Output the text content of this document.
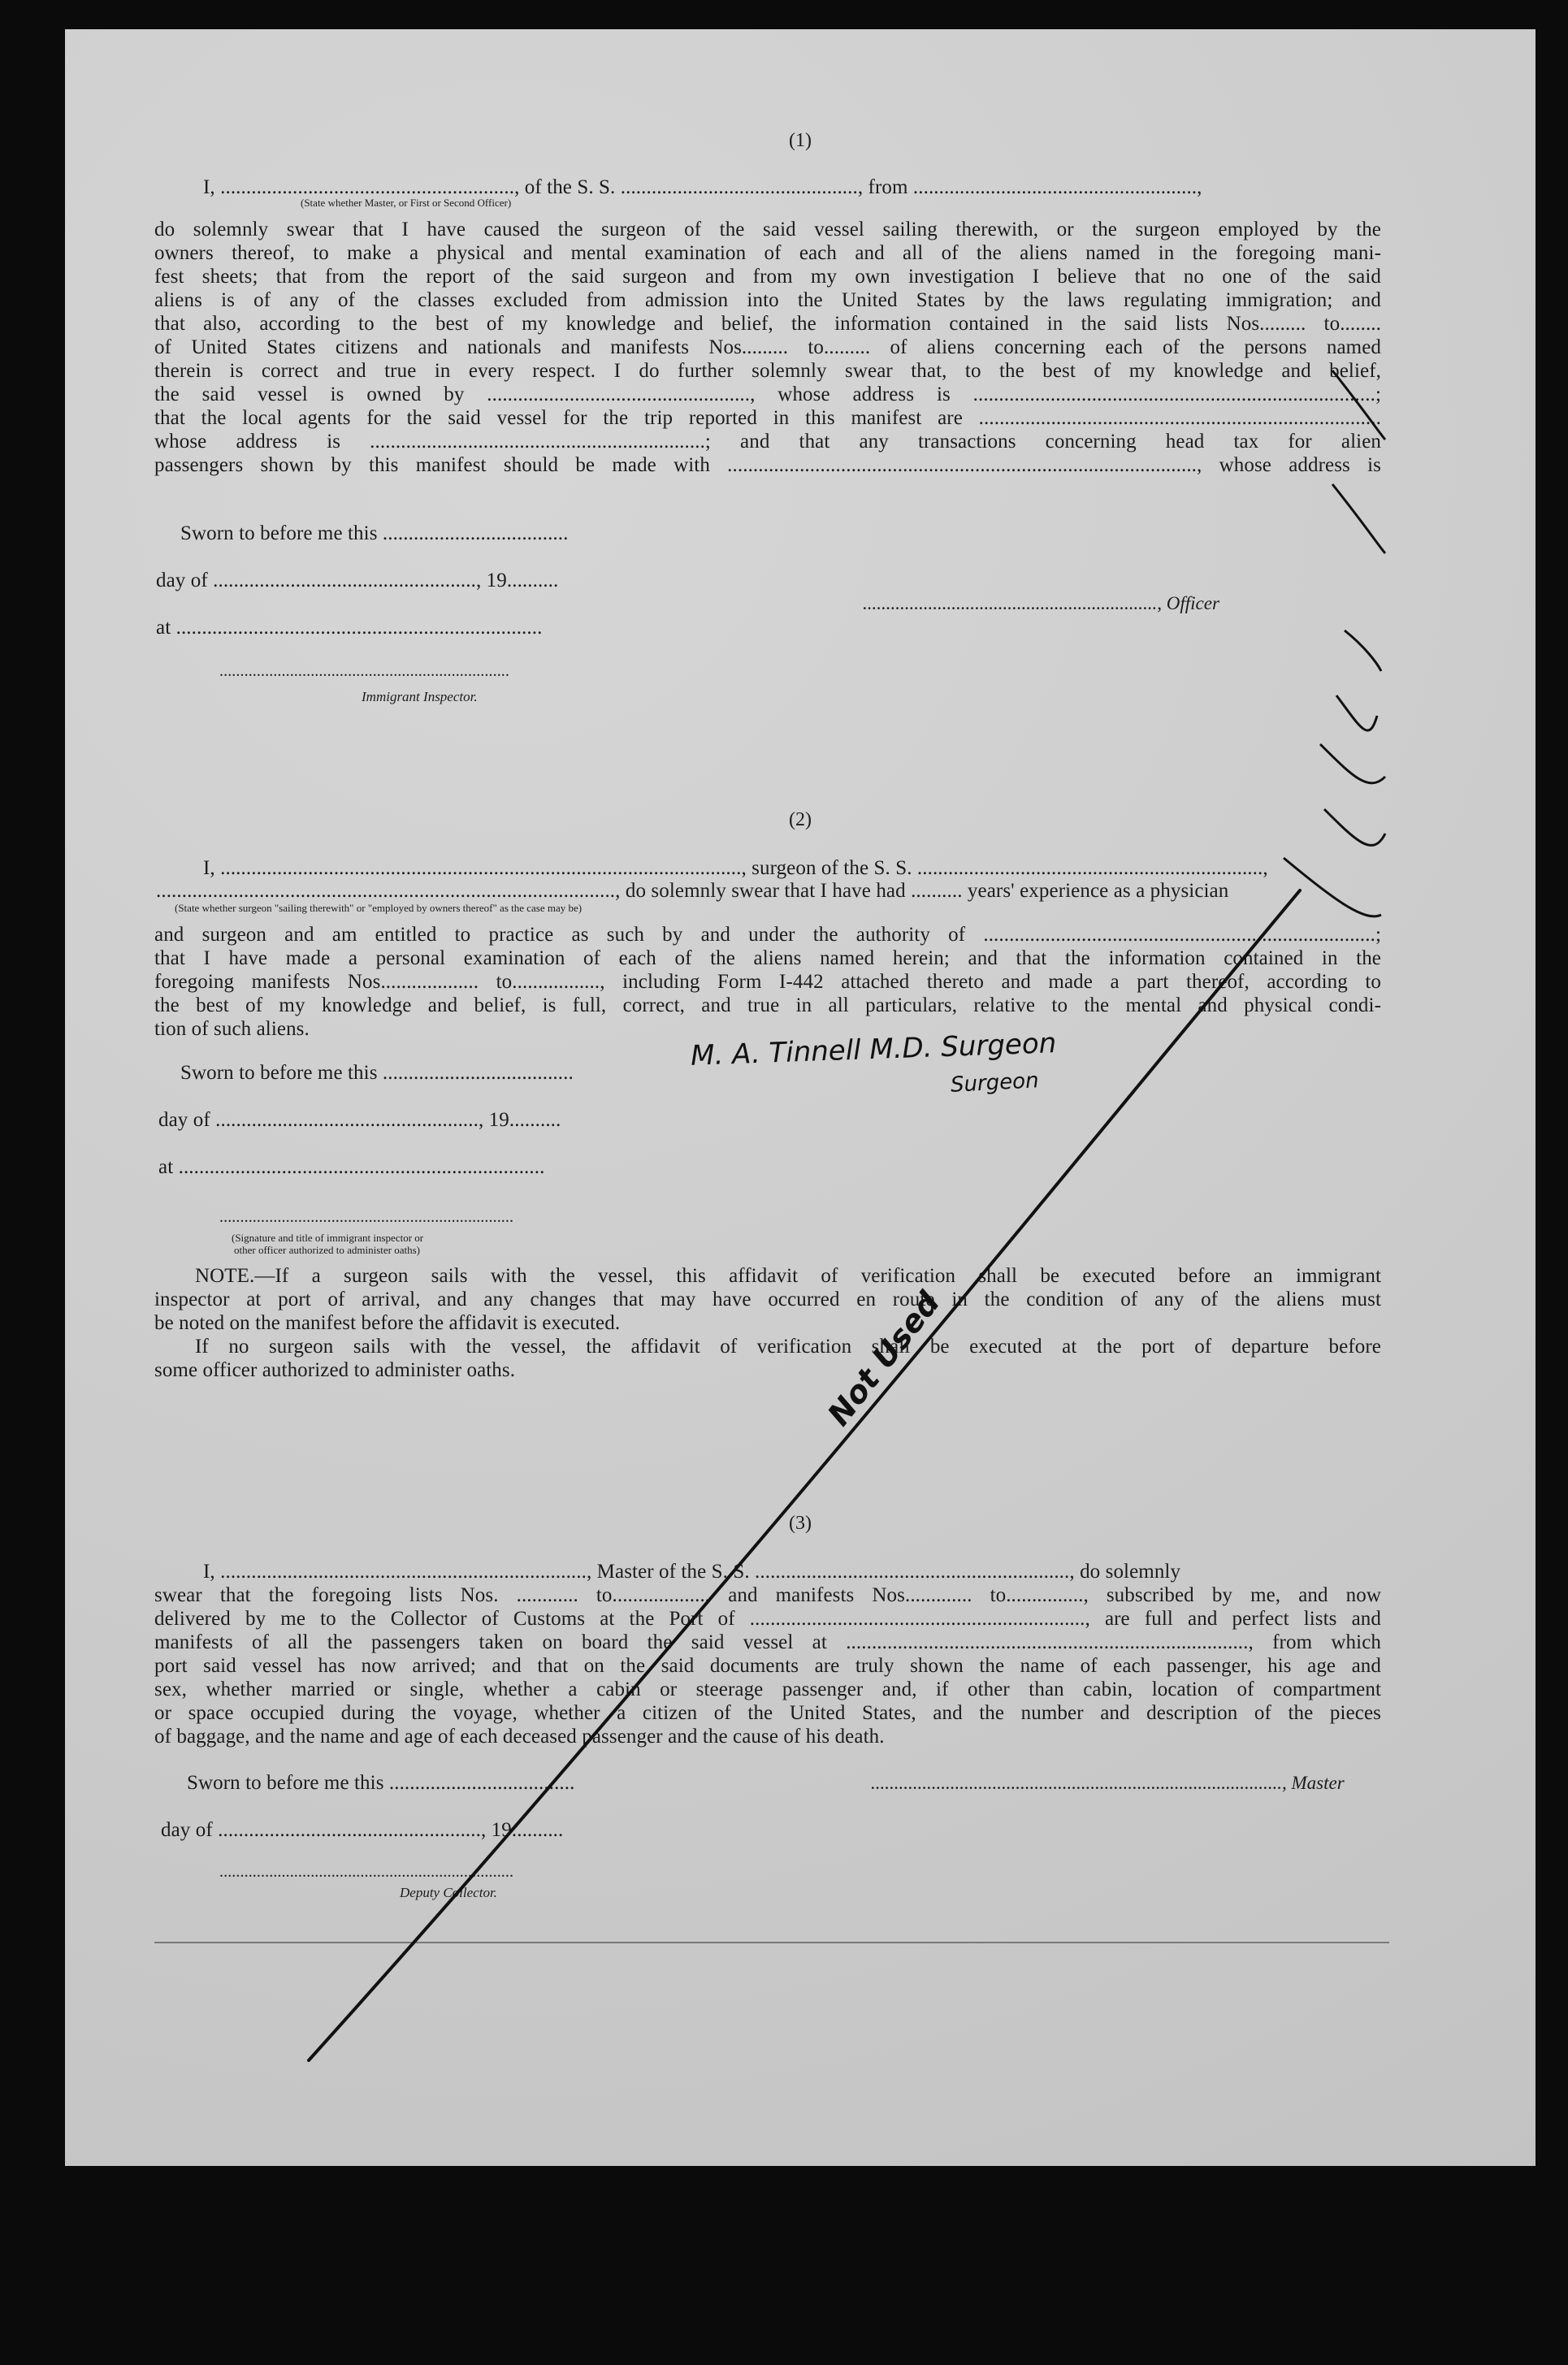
(1)
I, ........................................................., of the S. S. .............................................., from .......................................................,
(State whether Master, or First or Second Officer)
do solemnly swear that I have caused the surgeon of the said vessel sailing therewith, or the surgeon employed by the
owners thereof, to make a physical and mental examination of each and all of the aliens named in the foregoing mani-
fest sheets; that from the report of the said surgeon and from my own investigation I believe that no one of the said
aliens is of any of the classes excluded from admission into the United States by the laws regulating immigration; and
that also, according to the best of my knowledge and belief, the information contained in the said lists Nos......... to........
of United States citizens and nationals and manifests Nos......... to......... of aliens concerning each of the persons named
therein is correct and true in every respect. I do further solemnly swear that, to the best of my knowledge and belief,
the said vessel is owned by ..................................................., whose address is ..............................................................................;
that the local agents for the said vessel for the trip reported in this manifest are ..............................................................................
whose address is .................................................................; and that any transactions concerning head tax for alien
passengers shown by this manifest should be made with ..........................................................................................., whose address is
Sworn to before me this ....................................
day of ..................................................., 19..........
..............................................................., Officer
at .......................................................................
......................................................................
Immigrant Inspector.
(2)
I, ....................................................................................................., surgeon of the S. S. ...................................................................,
........................................................................................., do solemnly swear that I have had .......... years' experience as a physician
(State whether surgeon "sailing therewith" or "employed by owners thereof" as the case may be)
and surgeon and am entitled to practice as such by and under the authority of ............................................................................;
that I have made a personal examination of each of the aliens named herein; and that the information contained in the
foregoing manifests Nos................... to................., including Form I-442 attached thereto and made a part thereof, according to
the best of my knowledge and belief, is full, correct, and true in all particulars, relative to the mental and physical condi-
tion of such aliens.
Sworn to before me this .....................................
day of ..................................................., 19..........
at .......................................................................
.......................................................................
(Signature and title of immigrant inspector or
other officer authorized to administer oaths)
NOTE.—If a surgeon sails with the vessel, this affidavit of verification shall be executed before an immigrant
inspector at port of arrival, and any changes that may have occurred en route in the condition of any of the aliens must
be noted on the manifest before the affidavit is executed.
If no surgeon sails with the vessel, the affidavit of verification shall be executed at the port of departure before
some officer authorized to administer oaths.
(3)
I, ......................................................................., Master of the S. S. ............................................................., do solemnly
swear that the foregoing lists Nos. ............ to.................., and manifests Nos............. to..............., subscribed by me, and now
delivered by me to the Collector of Customs at the Port of ................................................................., are full and perfect lists and
manifests of all the passengers taken on board the said vessel at .............................................................................., from which
port said vessel has now arrived; and that on the said documents are truly shown the name of each passenger, his age and
sex, whether married or single, whether a cabin or steerage passenger and, if other than cabin, location of compartment
or space occupied during the voyage, whether a citizen of the United States, and the number and description of the pieces
of baggage, and the name and age of each deceased passenger and the cause of his death.
Sworn to before me this ....................................	........................................................................................, Master
day of ..................................................., 19..........
.......................................................................
Deputy Collector.
M. A. Tinnell M.D. Surgeon
Surgeon
Not Used
